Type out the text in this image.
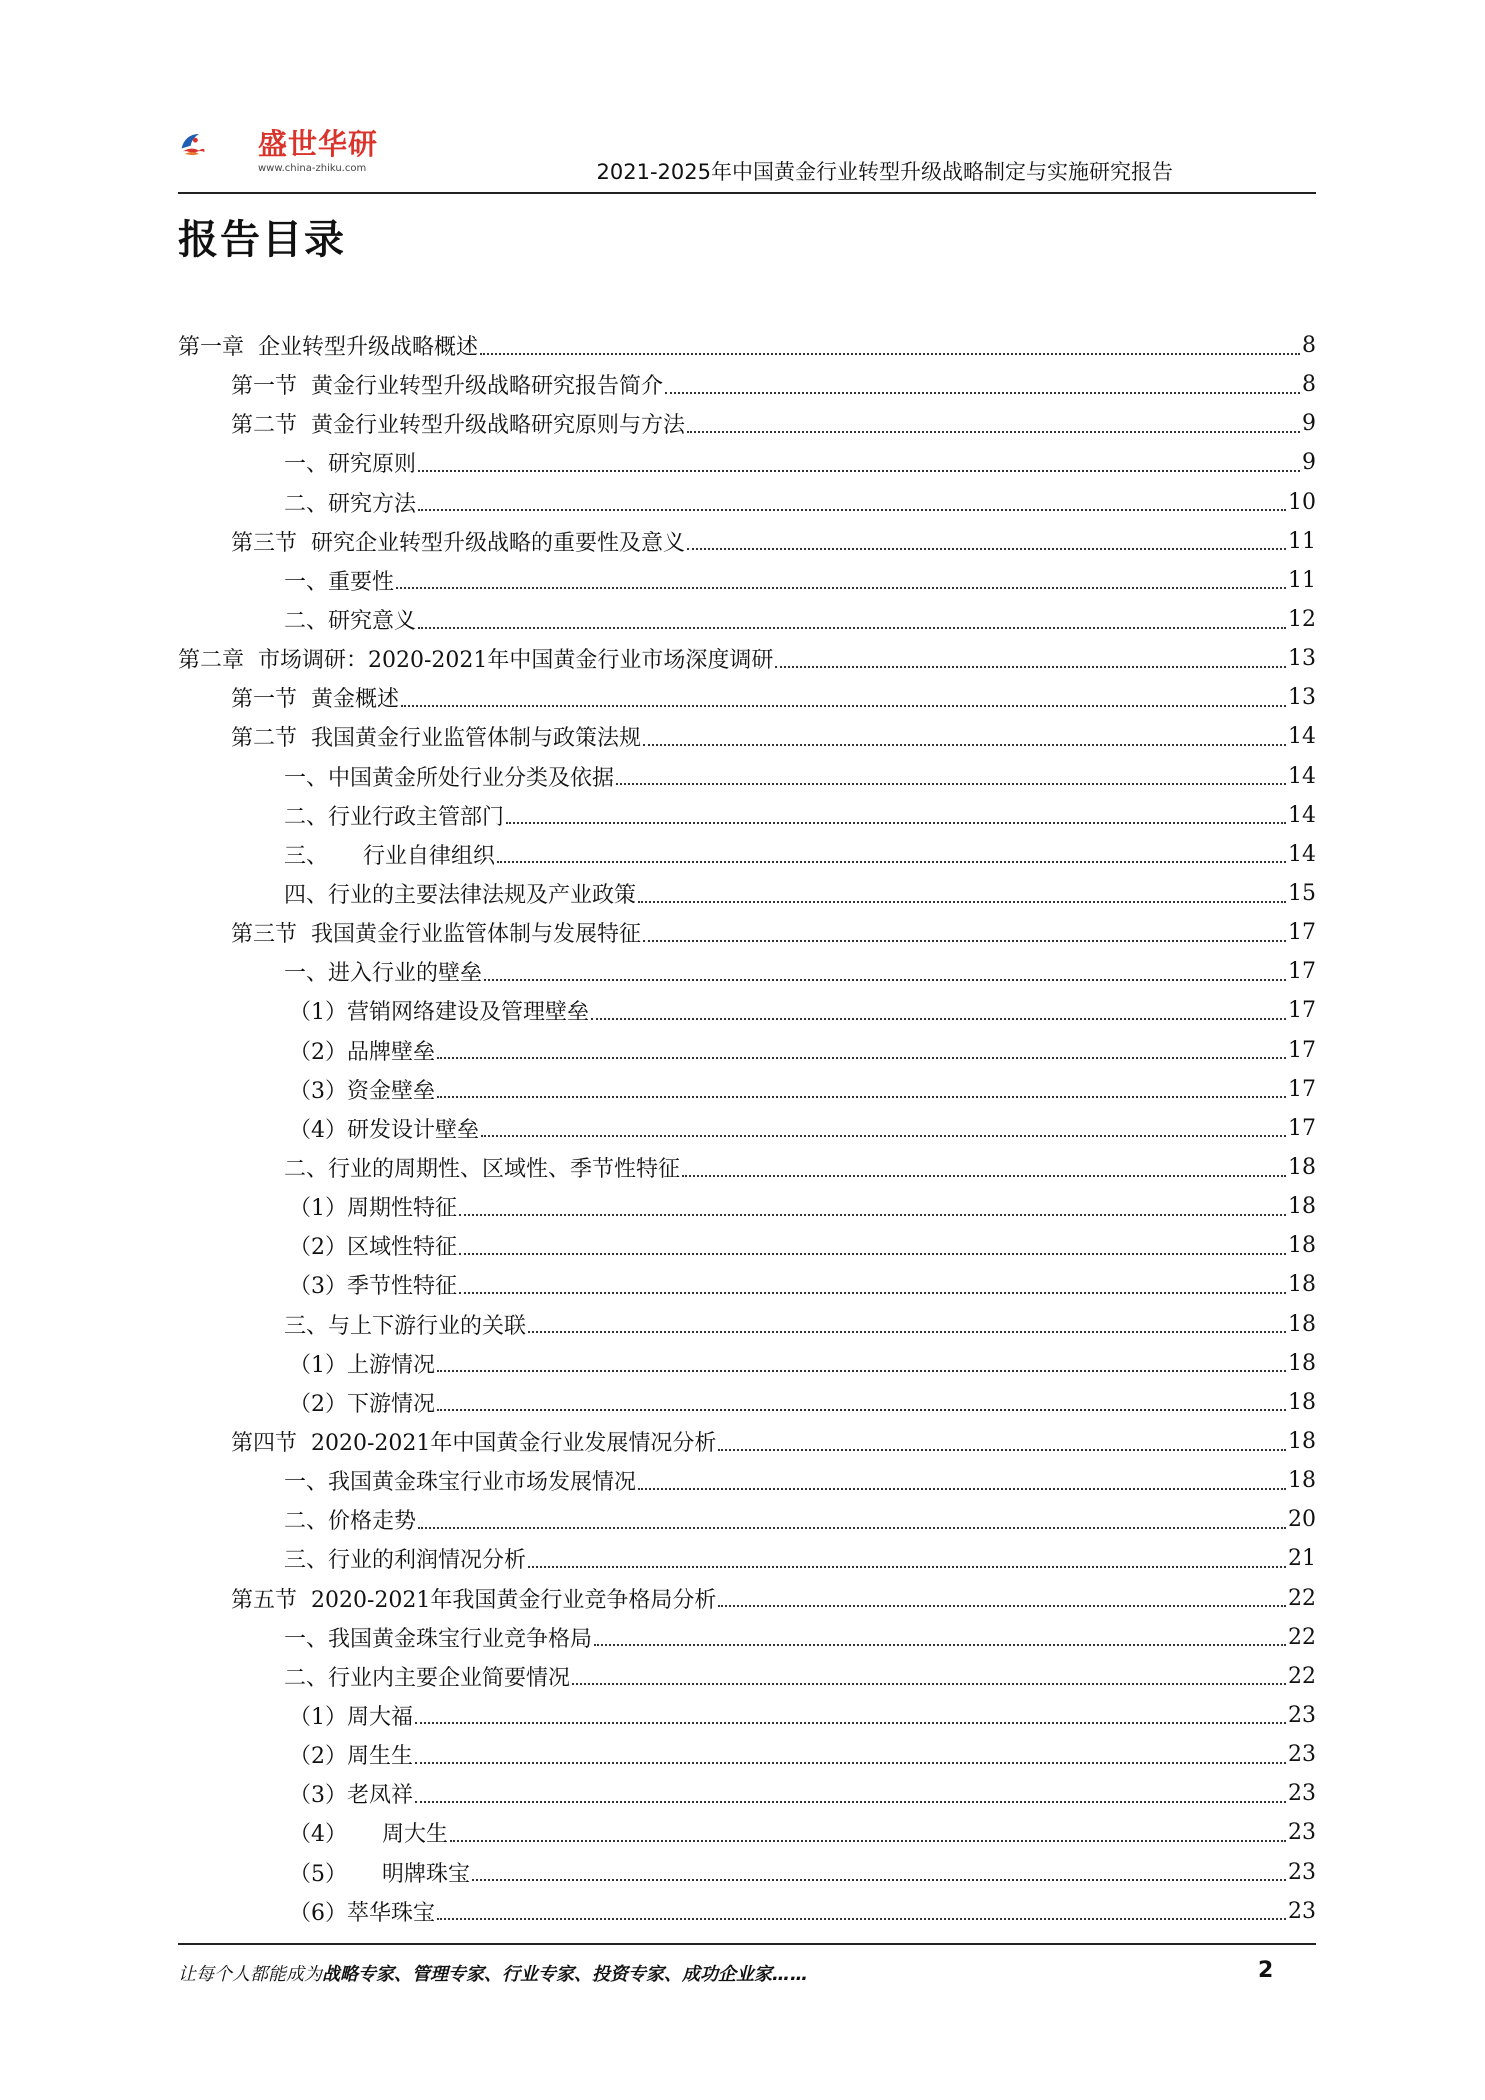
盛世华研
www.china-zhiku.com	2021-2025年中国黄金行业转型升级战略制定与实施研究报告
报告目录
第一章  企业转型升级战略概述	8
第一节  黄金行业转型升级战略研究报告简介	8
第二节  黄金行业转型升级战略研究原则与方法	9
一、研究原则	9
二、研究方法	10
第三节  研究企业转型升级战略的重要性及意义	11
一、重要性	11
二、研究意义	12
第二章  市场调研：2020-2021年中国黄金行业市场深度调研	13
第一节  黄金概述	13
第二节  我国黄金行业监管体制与政策法规	14
一、中国黄金所处行业分类及依据	14
二、行业行政主管部门	14
三、     行业自律组织	14
四、行业的主要法律法规及产业政策	15
第三节  我国黄金行业监管体制与发展特征	17
一、进入行业的壁垒	17
（1）营销网络建设及管理壁垒	17
（2）品牌壁垒	17
（3）资金壁垒	17
（4）研发设计壁垒	17
二、行业的周期性、区域性、季节性特征	18
（1）周期性特征	18
（2）区域性特征	18
（3）季节性特征	18
三、与上下游行业的关联	18
（1）上游情况	18
（2）下游情况	18
第四节  2020-2021年中国黄金行业发展情况分析	18
一、我国黄金珠宝行业市场发展情况	18
二、价格走势	20
三、行业的利润情况分析	21
第五节  2020-2021年我国黄金行业竞争格局分析	22
一、我国黄金珠宝行业竞争格局	22
二、行业内主要企业简要情况	22
（1）周大福	23
（2）周生生	23
（3）老凤祥	23
（4）     周大生	23
（5）     明牌珠宝	23
（6）萃华珠宝	23
让每个人都能成为战略专家、管理专家、行业专家、投资专家、成功企业家……	2
